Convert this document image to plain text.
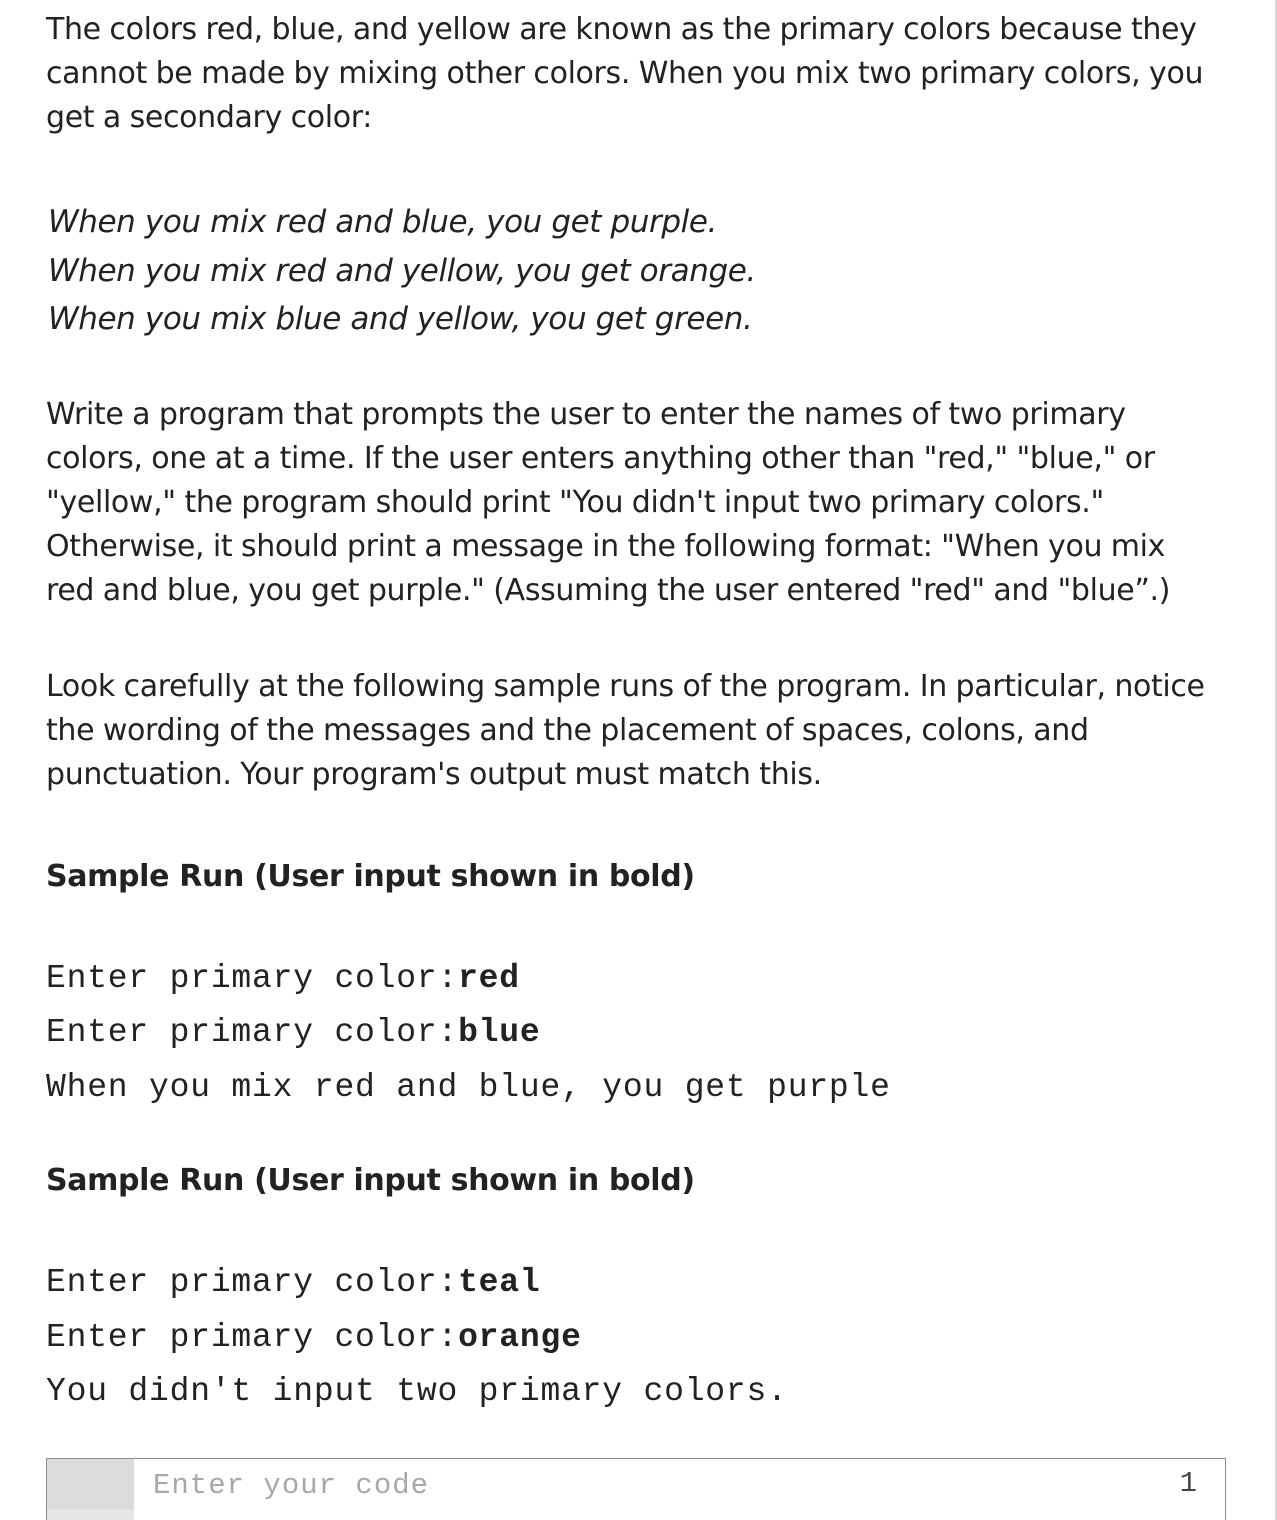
The colors red, blue, and yellow are known as the primary colors because they cannot be made by mixing other colors. When you mix two primary colors, you get a secondary color:

When you mix red and blue, you get purple.
When you mix red and yellow, you get orange.
When you mix blue and yellow, you get green.

Write a program that prompts the user to enter the names of two primary colors, one at a time. If the user enters anything other than "red," "blue," or "yellow," the program should print "You didn't input two primary colors." Otherwise, it should print a message in the following format: "When you mix red and blue, you get purple." (Assuming the user entered "red" and "blue”.)

Look carefully at the following sample runs of the program. In particular, notice the wording of the messages and the placement of spaces, colons, and punctuation. Your program's output must match this.

Sample Run (User input shown in bold)

Enter primary color:red
Enter primary color:blue
When you mix red and blue, you get purple

Sample Run (User input shown in bold)

Enter primary color:teal
Enter primary color:orange
You didn't input two primary colors.
1
Enter your code
